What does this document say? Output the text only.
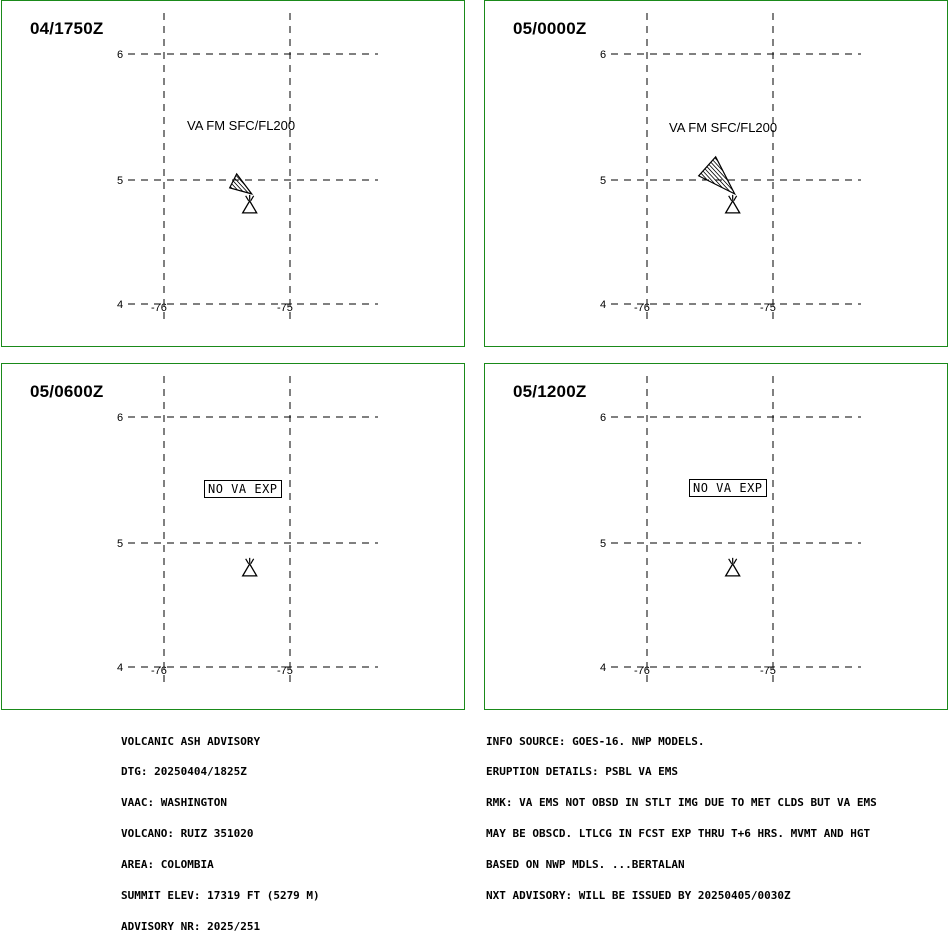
04/1750Z
6
5
4	-76	-75
VA FM SFC/FL200
05/0000Z
6
5
4	-76	-75
VA FM SFC/FL200
05/0600Z
6
5
4	-76	-75
NO VA EXP
05/1200Z
6
5
4	-76	-75
NO VA EXP

VOLCANIC ASH ADVISORY

DTG: 20250404/1825Z

VAAC: WASHINGTON

VOLCANO: RUIZ 351020

AREA: COLOMBIA

SUMMIT ELEV: 17319 FT (5279 M)

ADVISORY NR: 2025/251

INFO SOURCE: GOES-16. NWP MODELS.

ERUPTION DETAILS: PSBL VA EMS

RMK: VA EMS NOT OBSD IN STLT IMG DUE TO MET CLDS BUT VA EMS

MAY BE OBSCD. LTLCG IN FCST EXP THRU T+6 HRS. MVMT AND HGT

BASED ON NWP MDLS. ...BERTALAN

NXT ADVISORY: WILL BE ISSUED BY 20250405/0030Z
